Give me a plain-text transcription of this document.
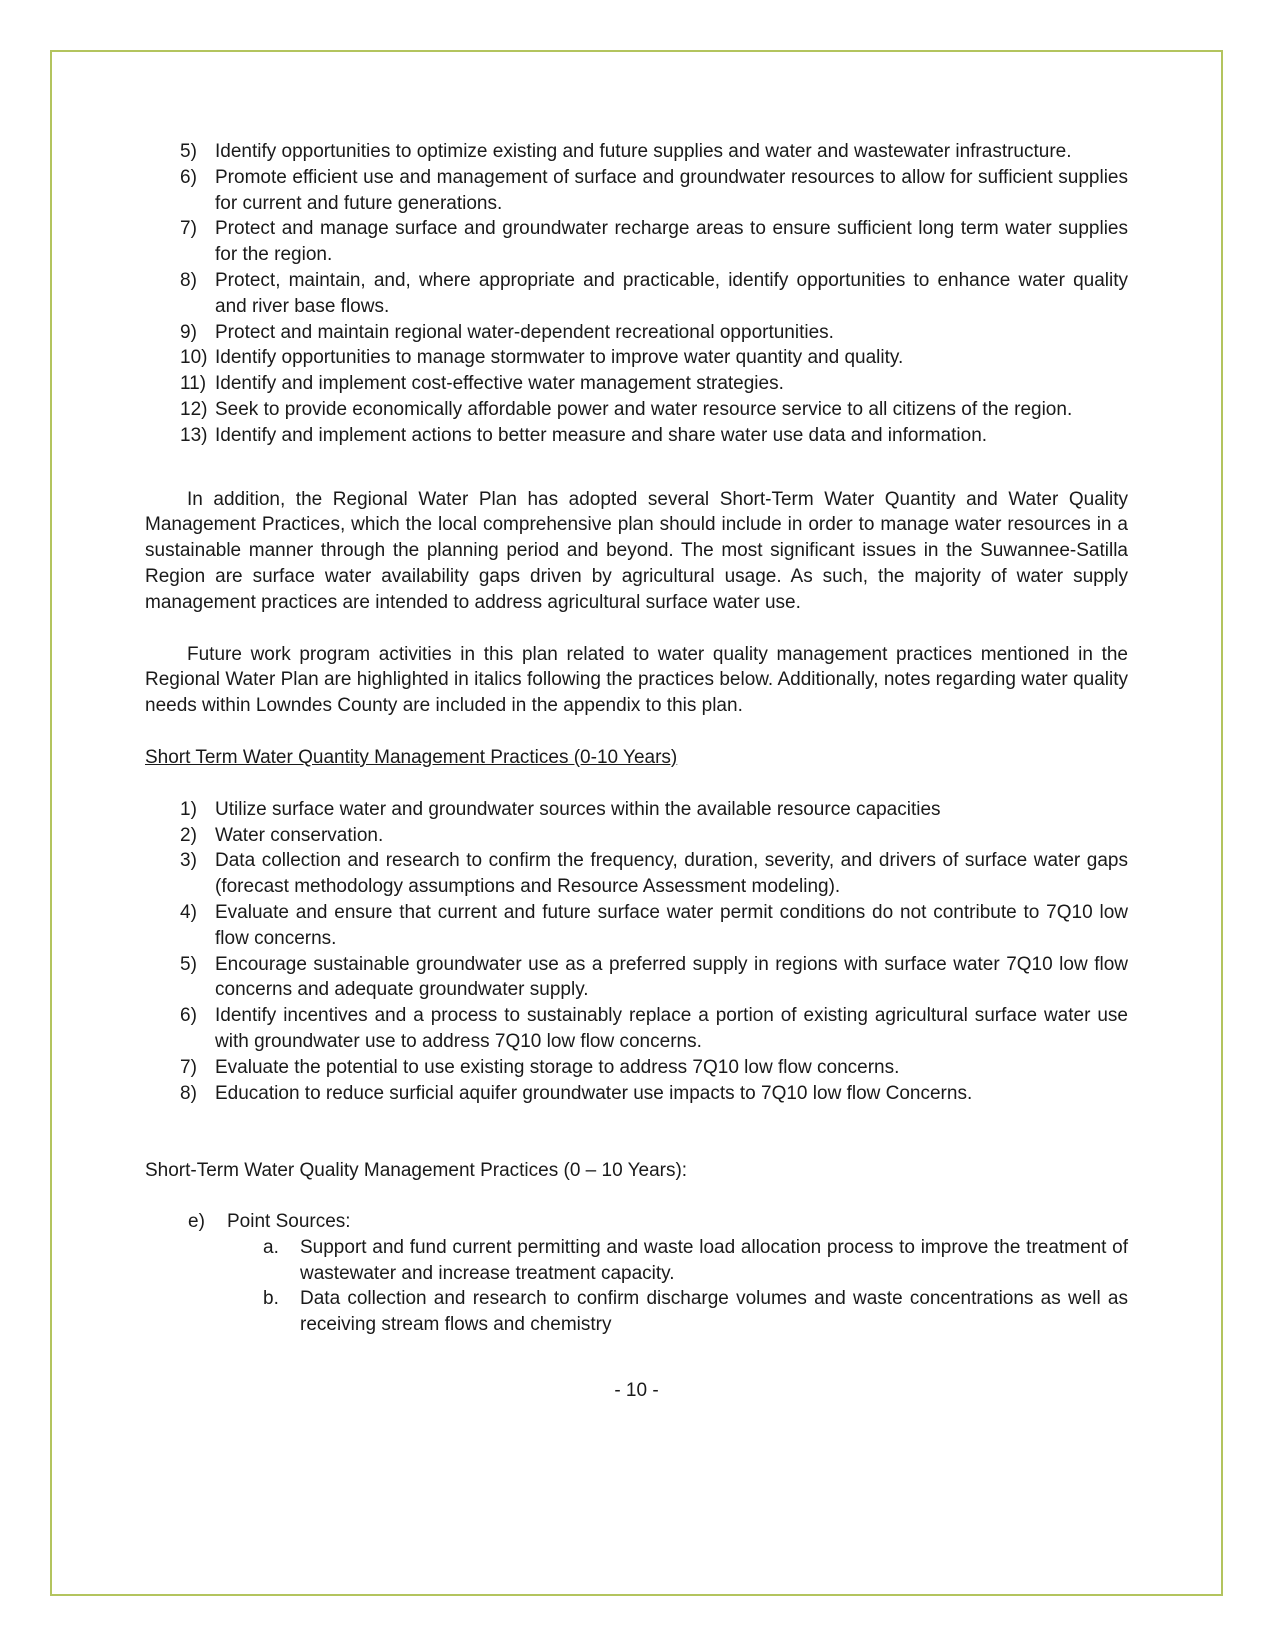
5) Identify opportunities to optimize existing and future supplies and water and wastewater infrastructure.
6) Promote efficient use and management of surface and groundwater resources to allow for sufficient supplies for current and future generations.
7) Protect and manage surface and groundwater recharge areas to ensure sufficient long term water supplies for the region.
8) Protect, maintain, and, where appropriate and practicable, identify opportunities to enhance water quality and river base flows.
9) Protect and maintain regional water-dependent recreational opportunities.
10) Identify opportunities to manage stormwater to improve water quantity and quality.
11) Identify and implement cost-effective water management strategies.
12) Seek to provide economically affordable power and water resource service to all citizens of the region.
13) Identify and implement actions to better measure and share water use data and information.
In addition, the Regional Water Plan has adopted several Short-Term Water Quantity and Water Quality Management Practices, which the local comprehensive plan should include in order to manage water resources in a sustainable manner through the planning period and beyond. The most significant issues in the Suwannee-Satilla Region are surface water availability gaps driven by agricultural usage. As such, the majority of water supply management practices are intended to address agricultural surface water use.
Future work program activities in this plan related to water quality management practices mentioned in the Regional Water Plan are highlighted in italics following the practices below. Additionally, notes regarding water quality needs within Lowndes County are included in the appendix to this plan.
Short Term Water Quantity Management Practices (0-10 Years)
1) Utilize surface water and groundwater sources within the available resource capacities
2) Water conservation.
3) Data collection and research to confirm the frequency, duration, severity, and drivers of surface water gaps (forecast methodology assumptions and Resource Assessment modeling).
4) Evaluate and ensure that current and future surface water permit conditions do not contribute to 7Q10 low flow concerns.
5) Encourage sustainable groundwater use as a preferred supply in regions with surface water 7Q10 low flow concerns and adequate groundwater supply.
6) Identify incentives and a process to sustainably replace a portion of existing agricultural surface water use with groundwater use to address 7Q10 low flow concerns.
7) Evaluate the potential to use existing storage to address 7Q10 low flow concerns.
8) Education to reduce surficial aquifer groundwater use impacts to 7Q10 low flow Concerns.
Short-Term Water Quality Management Practices (0 – 10 Years):
e)	Point Sources:
a.	Support and fund current permitting and waste load allocation process to improve the treatment of wastewater and increase treatment capacity.
b.	Data collection and research to confirm discharge volumes and waste concentrations as well as receiving stream flows and chemistry
- 10 -
